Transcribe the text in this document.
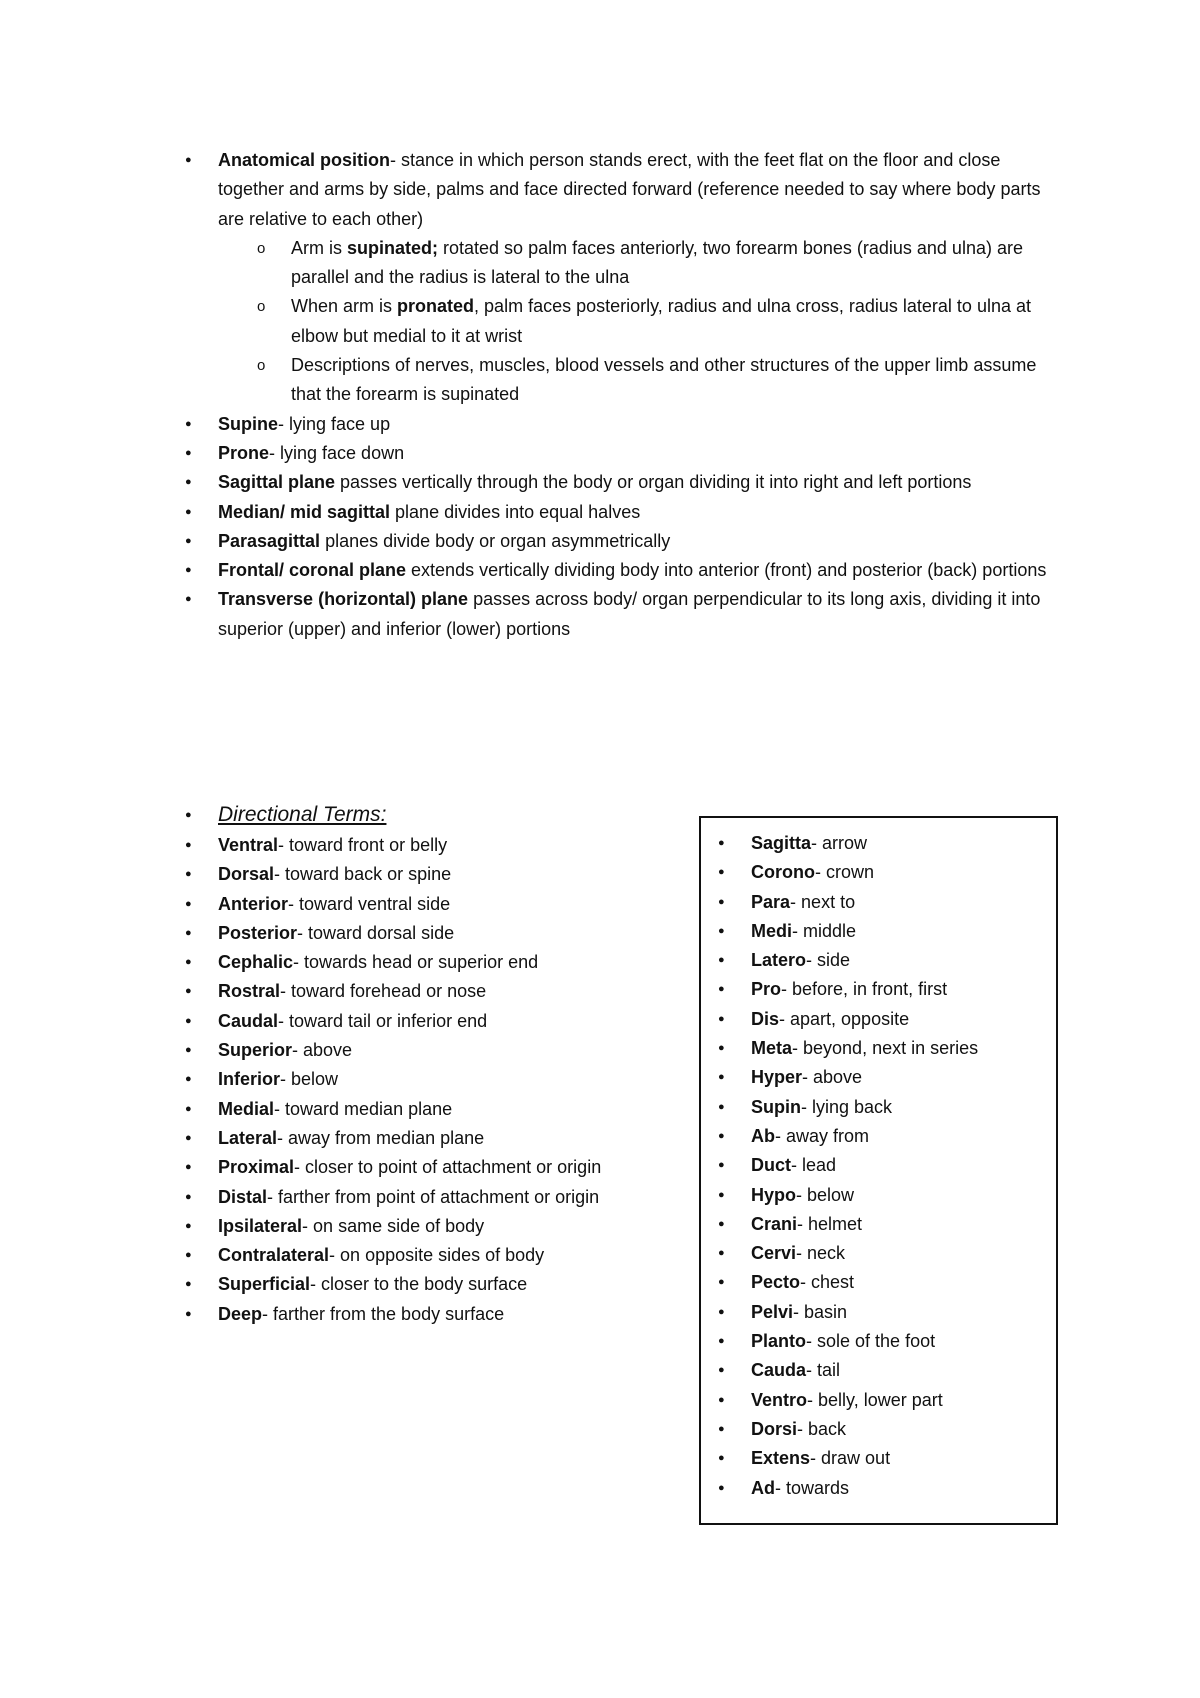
● Anatomical position- stance in which person stands erect, with the feet flat on the floor and close together and arms by side, palms and face directed forward (reference needed to say where body parts are relative to each other)
o Arm is supinated; rotated so palm faces anteriorly, two forearm bones (radius and ulna) are parallel and the radius is lateral to the ulna
o When arm is pronated, palm faces posteriorly, radius and ulna cross, radius lateral to ulna at elbow but medial to it at wrist
o Descriptions of nerves, muscles, blood vessels and other structures of the upper limb assume that the forearm is supinated
● Supine- lying face up
● Prone- lying face down
● Sagittal plane passes vertically through the body or organ dividing it into right and left portions
● Median/ mid sagittal plane divides into equal halves
● Parasagittal planes divide body or organ asymmetrically
● Frontal/ coronal plane extends vertically dividing body into anterior (front) and posterior (back) portions
● Transverse (horizontal) plane passes across body/ organ perpendicular to its long axis, dividing it into superior (upper) and inferior (lower) portions
● Directional Terms:
● Ventral- toward front or belly
● Dorsal- toward back or spine
● Anterior- toward ventral side
● Posterior- toward dorsal side
● Cephalic- towards head or superior end
● Rostral- toward forehead or nose
● Caudal- toward tail or inferior end
● Superior- above
● Inferior- below
● Medial- toward median plane
● Lateral- away from median plane
● Proximal- closer to point of attachment or origin
● Distal- farther from point of attachment or origin
● Ipsilateral- on same side of body
● Contralateral- on opposite sides of body
● Superficial- closer to the body surface
● Deep- farther from the body surface
● Sagitta- arrow
● Corono- crown
● Para- next to
● Medi- middle
● Latero- side
● Pro- before, in front, first
● Dis- apart, opposite
● Meta- beyond, next in series
● Hyper- above
● Supin- lying back
● Ab- away from
● Duct- lead
● Hypo- below
● Crani- helmet
● Cervi- neck
● Pecto- chest
● Pelvi- basin
● Planto- sole of the foot
● Cauda- tail
● Ventro- belly, lower part
● Dorsi- back
● Extens- draw out
● Ad- towards
